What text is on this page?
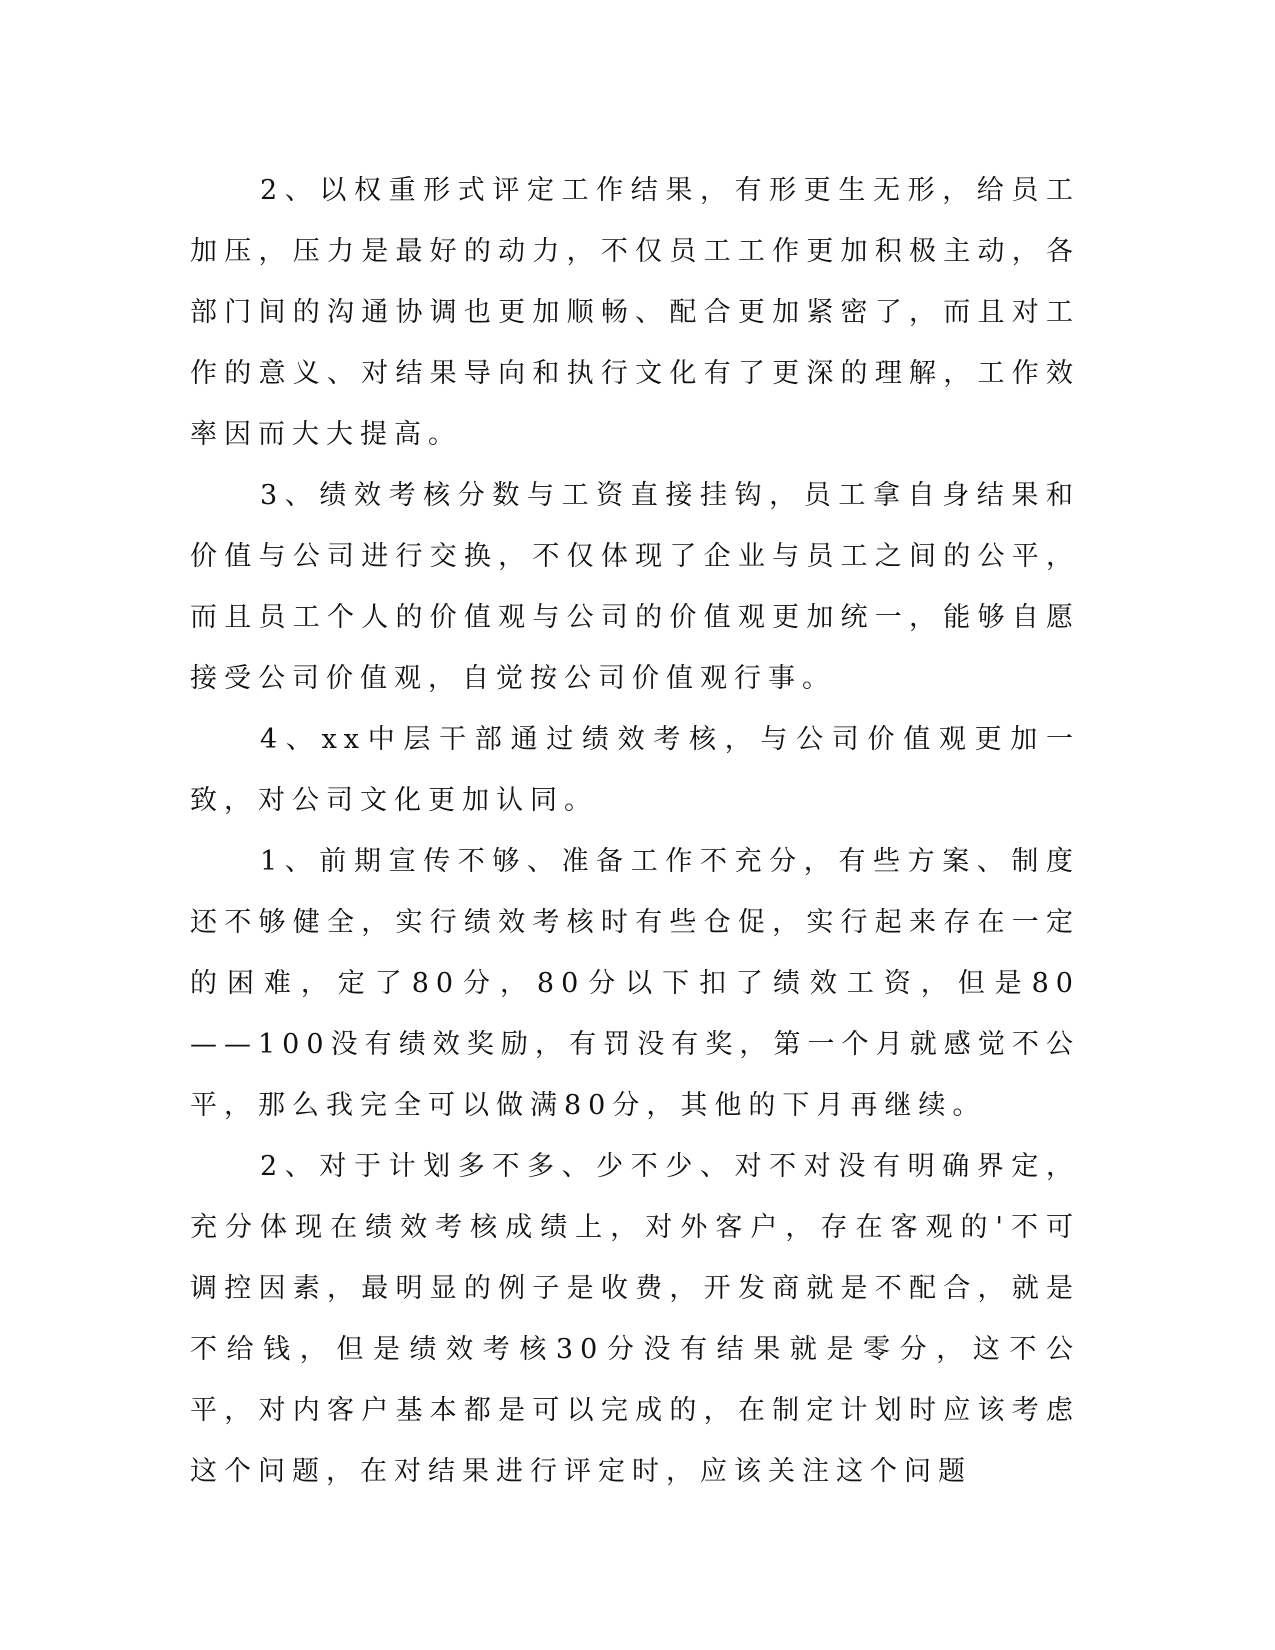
2、以权重形式评定工作结果，有形更生无形，给员工加压，压力是最好的动力，不仅员工工作更加积极主动，各部门间的沟通协调也更加顺畅、配合更加紧密了，而且对工作的意义、对结果导向和执行文化有了更深的理解，工作效率因而大大提高。

3、绩效考核分数与工资直接挂钩，员工拿自身结果和价值与公司进行交换，不仅体现了企业与员工之间的公平，而且员工个人的价值观与公司的价值观更加统一，能够自愿接受公司价值观，自觉按公司价值观行事。

4、xx中层干部通过绩效考核，与公司价值观更加一致，对公司文化更加认同。

1、前期宣传不够、准备工作不充分，有些方案、制度还不够健全，实行绩效考核时有些仓促，实行起来存在一定的困难，定了80分，80分以下扣了绩效工资，但是80——100没有绩效奖励，有罚没有奖，第一个月就感觉不公平，那么我完全可以做满80分，其他的下月再继续。

2、对于计划多不多、少不少、对不对没有明确界定，充分体现在绩效考核成绩上，对外客户，存在客观的'不可调控因素，最明显的例子是收费，开发商就是不配合，就是不给钱，但是绩效考核30分没有结果就是零分，这不公平，对内客户基本都是可以完成的，在制定计划时应该考虑这个问题，在对结果进行评定时，应该关注这个问题
